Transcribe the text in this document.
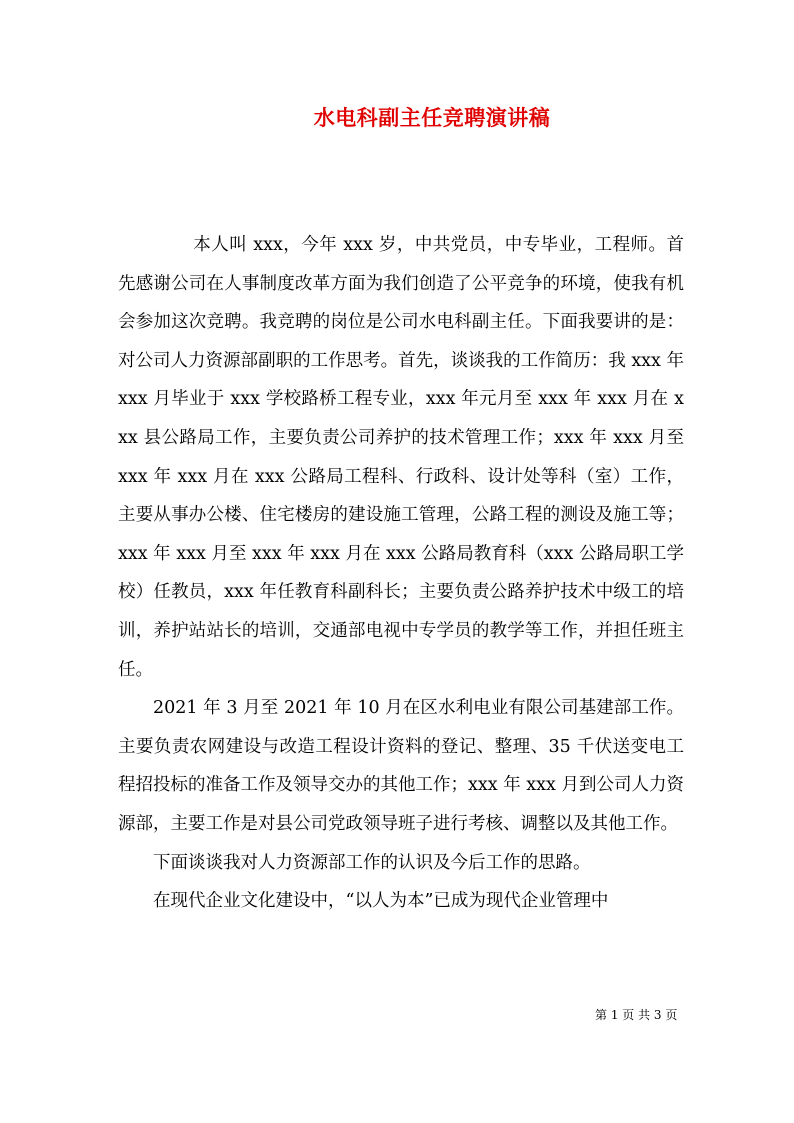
水电科副主任竞聘演讲稿

本人叫 xxx，今年 xxx 岁，中共党员，中专毕业，工程师。首先感谢公司在人事制度改革方面为我们创造了公平竞争的环境，使我有机会参加这次竞聘。我竞聘的岗位是公司水电科副主任。下面我要讲的是：对公司人力资源部副职的工作思考。首先，谈谈我的工作简历：我 xxx 年 xxx 月毕业于 xxx 学校路桥工程专业，xxx 年元月至 xxx 年 xxx 月在 xxx 县公路局工作，主要负责公司养护的技术管理工作；xxx 年 xxx 月至 xxx 年 xxx 月在 xxx 公路局工程科、行政科、设计处等科（室）工作，主要从事办公楼、住宅楼房的建设施工管理，公路工程的测设及施工等；xxx 年 xxx 月至 xxx 年 xxx 月在 xxx 公路局教育科（xxx 公路局职工学校）任教员，xxx 年任教育科副科长；主要负责公路养护技术中级工的培训，养护站站长的培训，交通部电视中专学员的教学等工作，并担任班主任。

2021 年 3 月至 2021 年 10 月在区水利电业有限公司基建部工作。主要负责农网建设与改造工程设计资料的登记、整理、35 千伏送变电工程招投标的准备工作及领导交办的其他工作；xxx 年 xxx 月到公司人力资源部，主要工作是对县公司党政领导班子进行考核、调整以及其他工作。

下面谈谈我对人力资源部工作的认识及今后工作的思路。

在现代企业文化建设中，“以人为本”已成为现代企业管理中

第 1 页 共 3 页
